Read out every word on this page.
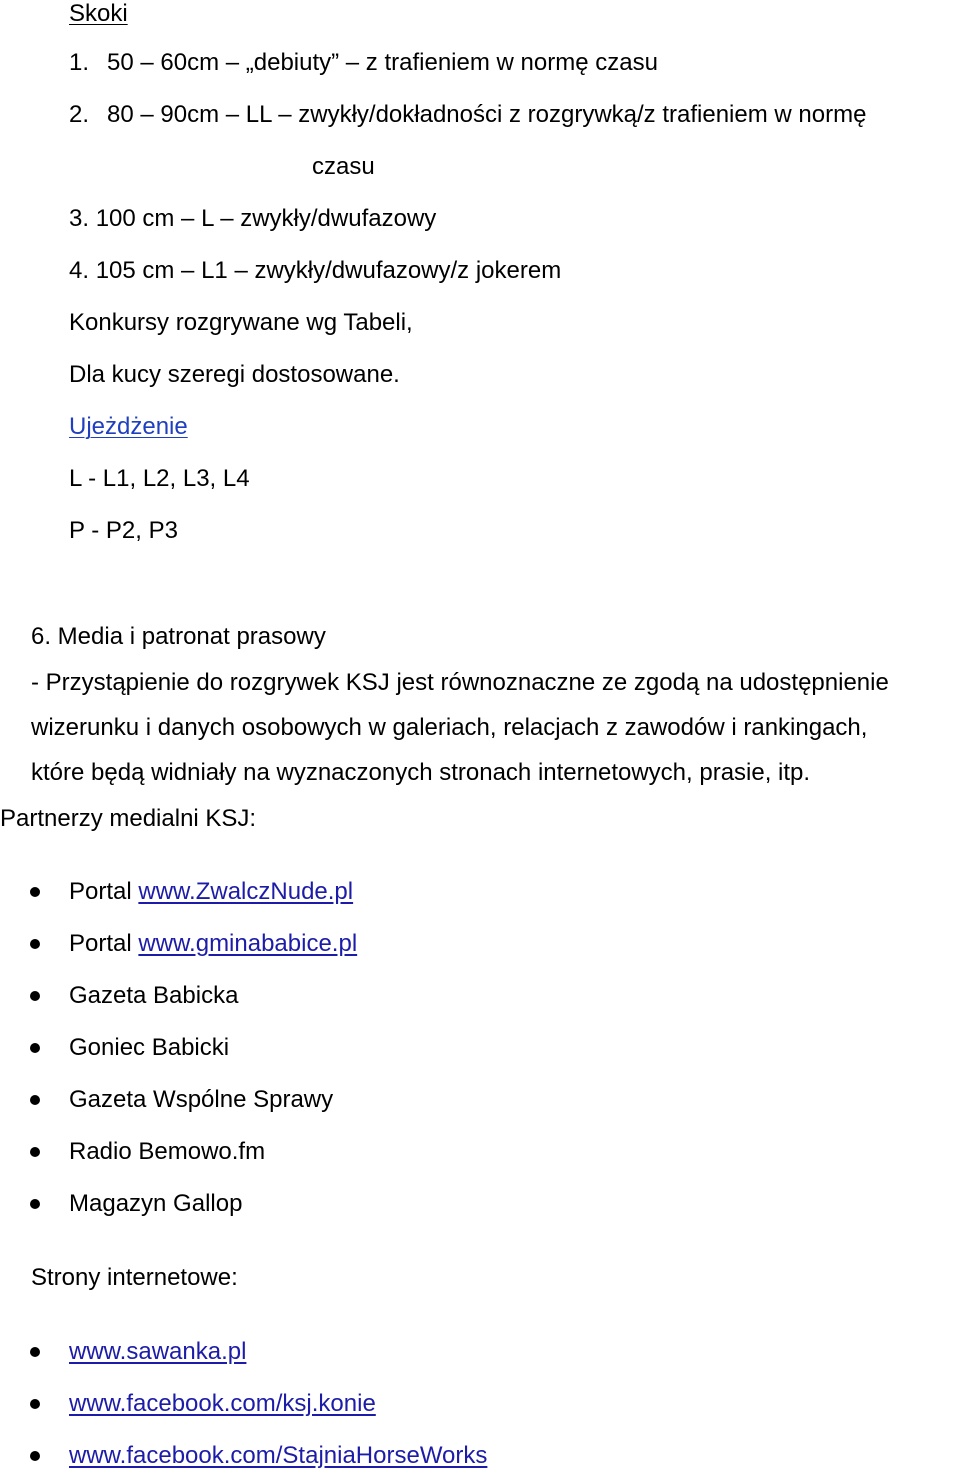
Skoki
1. 50 – 60cm – „debiuty” – z trafieniem w normę czasu
2. 80 – 90cm – LL – zwykły/dokładności z rozgrywką/z trafieniem w normę
czasu
3. 100 cm – L – zwykły/dwufazowy
4. 105 cm – L1 – zwykły/dwufazowy/z jokerem
Konkursy rozgrywane wg Tabeli,
Dla kucy szeregi dostosowane.
Ujeżdżenie
L - L1, L2, L3, L4
P - P2, P3
6. Media i patronat prasowy
- Przystąpienie do rozgrywek KSJ jest równoznaczne ze zgodą na udostępnienie
wizerunku i danych osobowych w galeriach, relacjach z zawodów i rankingach,
które będą widniały na wyznaczonych stronach internetowych, prasie, itp.
Partnerzy medialni KSJ:
Portal www.ZwalczNude.pl
Portal www.gminababice.pl
Gazeta Babicka
Goniec Babicki
Gazeta Wspólne Sprawy
Radio Bemowo.fm
Magazyn Gallop
Strony internetowe:
www.sawanka.pl
www.facebook.com/ksj.konie
www.facebook.com/StajniaHorseWorks
